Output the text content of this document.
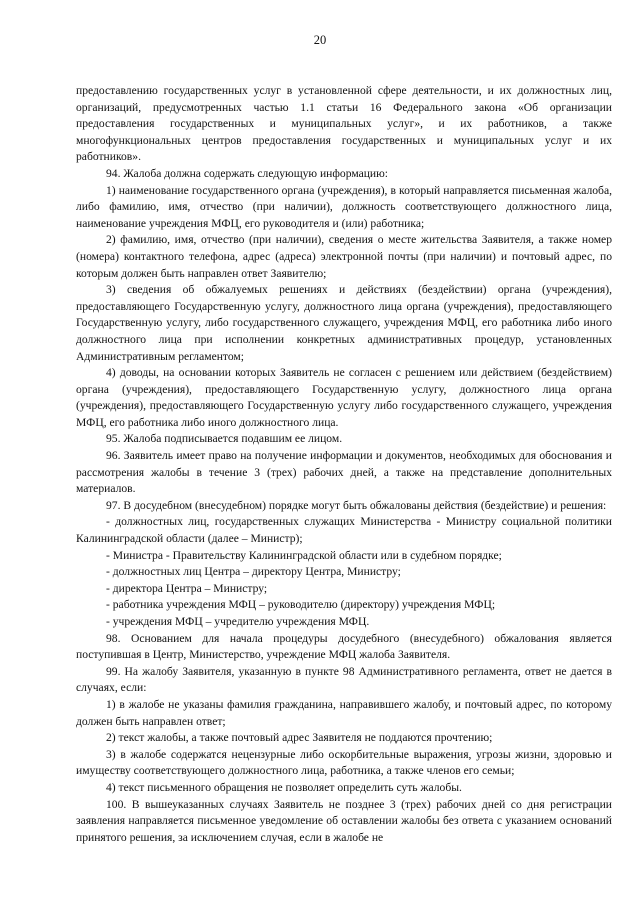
20

предоставлению государственных услуг в установленной сфере деятельности, и их должностных лиц, организаций, предусмотренных частью 1.1 статьи 16 Федерального закона «Об организации предоставления государственных и муниципальных услуг», и их работников, а также многофункциональных центров предоставления государственных и муниципальных услуг и их работников».

94. Жалоба должна содержать следующую информацию:

1) наименование государственного органа (учреждения), в который направляется письменная жалоба, либо фамилию, имя, отчество (при наличии), должность соответствующего должностного лица, наименование учреждения МФЦ, его руководителя и (или) работника;

2) фамилию, имя, отчество (при наличии), сведения о месте жительства Заявителя, а также номер (номера) контактного телефона, адрес (адреса) электронной почты (при наличии) и почтовый адрес, по которым должен быть направлен ответ Заявителю;

3) сведения об обжалуемых решениях и действиях (бездействии) органа (учреждения), предоставляющего Государственную услугу, должностного лица органа (учреждения), предоставляющего Государственную услугу, либо государственного служащего, учреждения МФЦ, его работника либо иного должностного лица при исполнении конкретных административных процедур, установленных Административным регламентом;

4) доводы, на основании которых Заявитель не согласен с решением или действием (бездействием) органа (учреждения), предоставляющего Государственную услугу, должностного лица органа (учреждения), предоставляющего Государственную услугу либо государственного служащего, учреждения МФЦ, его работника либо иного должностного лица.

95. Жалоба подписывается подавшим ее лицом.

96. Заявитель имеет право на получение информации и документов, необходимых для обоснования и рассмотрения жалобы в течение 3 (трех) рабочих дней, а также на представление дополнительных материалов.

97. В досудебном (внесудебном) порядке могут быть обжалованы действия (бездействие) и решения:

- должностных лиц, государственных служащих Министерства - Министру социальной политики Калининградской области (далее – Министр);

- Министра - Правительству Калининградской области или в судебном порядке;

- должностных лиц Центра – директору Центра, Министру;

- директора Центра – Министру;

- работника учреждения МФЦ – руководителю (директору) учреждения МФЦ;

- учреждения МФЦ – учредителю учреждения МФЦ.

98. Основанием для начала процедуры досудебного (внесудебного) обжалования является поступившая в Центр, Министерство, учреждение МФЦ жалоба Заявителя.

99. На жалобу Заявителя, указанную в пункте 98 Административного регламента, ответ не дается в случаях, если:

1) в жалобе не указаны фамилия гражданина, направившего жалобу, и почтовый адрес, по которому должен быть направлен ответ;

2) текст жалобы, а также почтовый адрес Заявителя не поддаются прочтению;

3) в жалобе содержатся нецензурные либо оскорбительные выражения, угрозы жизни, здоровью и имуществу соответствующего должностного лица, работника, а также членов его семьи;

4) текст письменного обращения не позволяет определить суть жалобы.

100. В вышеуказанных случаях Заявитель не позднее 3 (трех) рабочих дней со дня регистрации заявления направляется письменное уведомление об оставлении жалобы без ответа с указанием оснований принятого решения, за исключением случая, если в жалобе не
